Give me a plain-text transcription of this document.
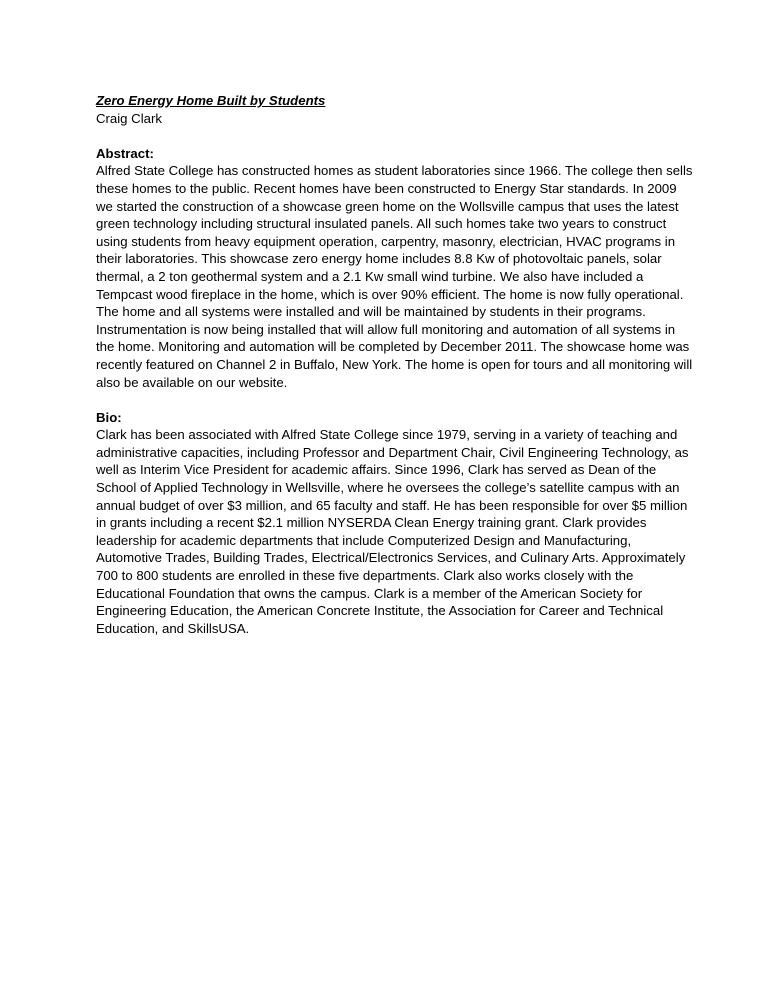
Zero Energy Home Built by Students

Craig Clark

Abstract:

Alfred State College has constructed homes as student laboratories since 1966. The college then sells these homes to the public. Recent homes have been constructed to Energy Star standards. In 2009 we started the construction of a showcase green home on the Wollsville campus that uses the latest green technology including structural insulated panels. All such homes take two years to construct using students from heavy equipment operation, carpentry, masonry, electrician, HVAC programs in their laboratories. This showcase zero energy home includes 8.8 Kw of photovoltaic panels, solar thermal, a 2 ton geothermal system and a 2.1 Kw small wind turbine. We also have included a Tempcast wood fireplace in the home, which is over 90% efficient. The home is now fully operational. The home and all systems were installed and will be maintained by students in their programs. Instrumentation is now being installed that will allow full monitoring and automation of all systems in the home. Monitoring and automation will be completed by December 2011. The showcase home was recently featured on Channel 2 in Buffalo, New York. The home is open for tours and all monitoring will also be available on our website.

Bio:

Clark has been associated with Alfred State College since 1979, serving in a variety of teaching and administrative capacities, including Professor and Department Chair, Civil Engineering Technology, as well as Interim Vice President for academic affairs. Since 1996, Clark has served as Dean of the School of Applied Technology in Wellsville, where he oversees the college’s satellite campus with an annual budget of over $3 million, and 65 faculty and staff. He has been responsible for over $5 million in grants including a recent $2.1 million NYSERDA Clean Energy training grant. Clark provides leadership for academic departments that include Computerized Design and Manufacturing, Automotive Trades, Building Trades, Electrical/Electronics Services, and Culinary Arts. Approximately 700 to 800 students are enrolled in these five departments. Clark also works closely with the Educational Foundation that owns the campus. Clark is a member of the American Society for Engineering Education, the American Concrete Institute, the Association for Career and Technical Education, and SkillsUSA.
